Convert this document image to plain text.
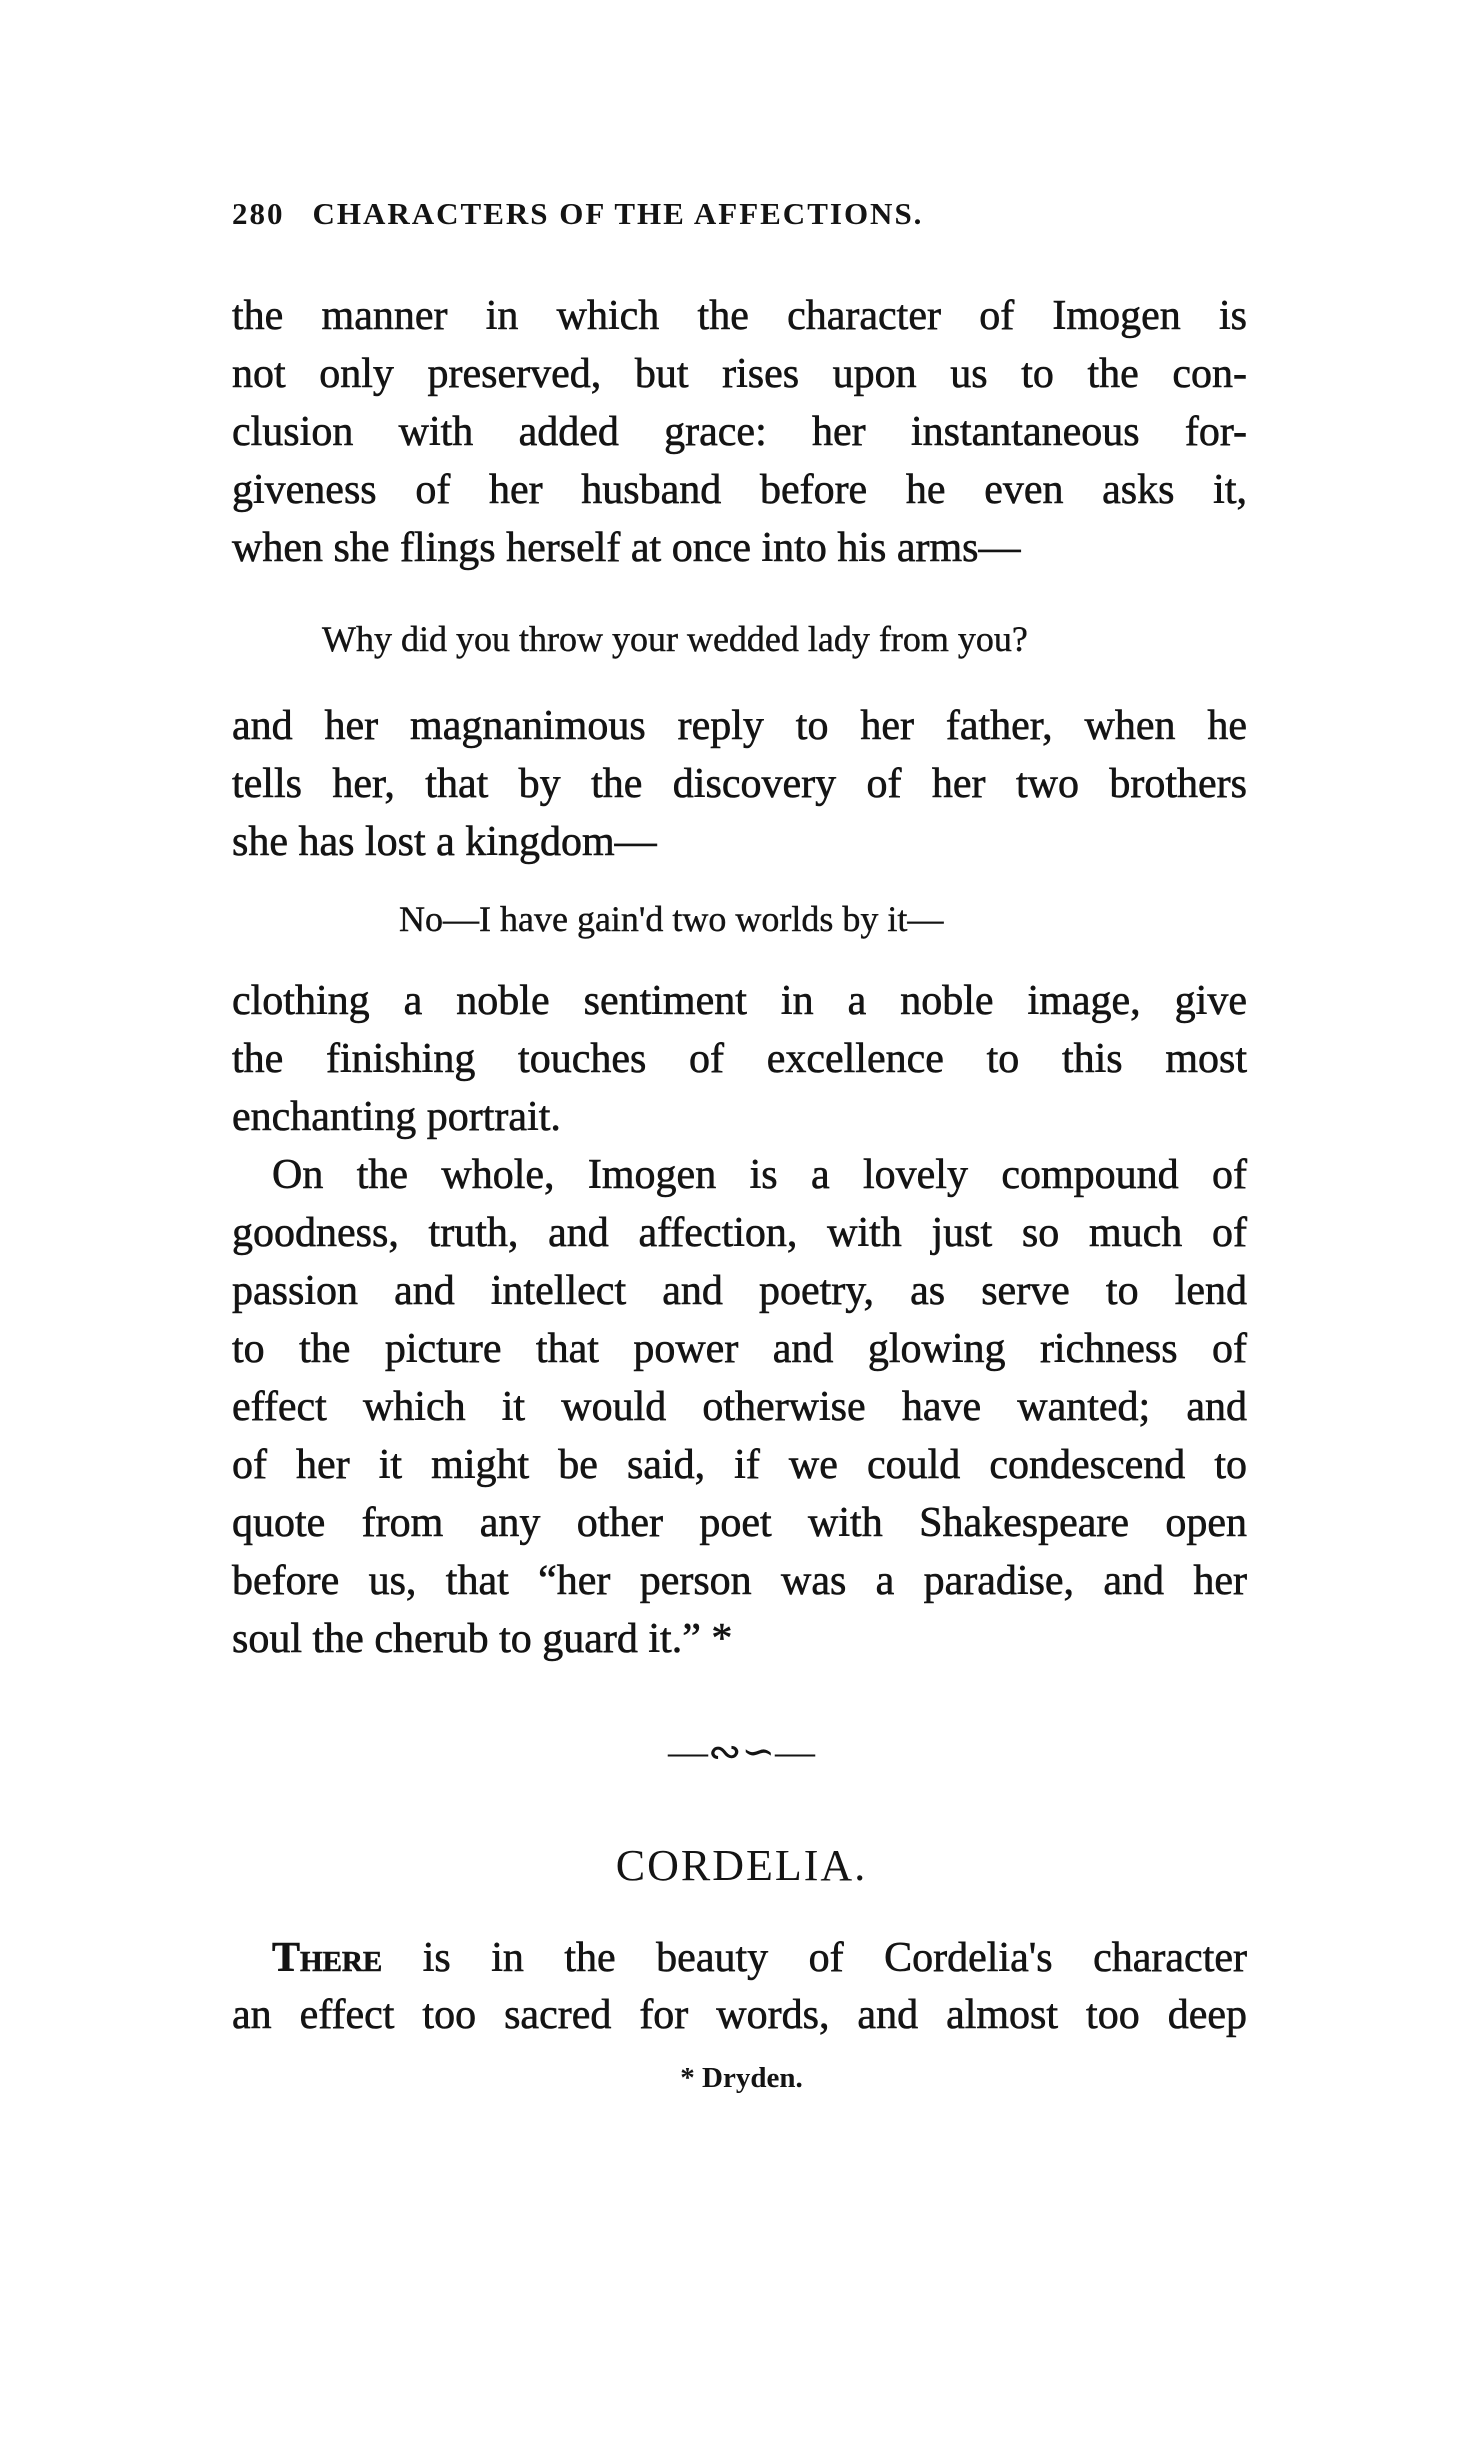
280 CHARACTERS OF THE AFFECTIONS.
the manner in which the character of Imogen is
not only preserved, but rises upon us to the con-
clusion with added grace: her instantaneous for-
giveness of her husband before he even asks it,
when she flings herself at once into his arms—
Why did you throw your wedded lady from you?
and her magnanimous reply to her father, when he
tells her, that by the discovery of her two brothers
she has lost a kingdom—
No—I have gain'd two worlds by it—
clothing a noble sentiment in a noble image, give
the finishing touches of excellence to this most
enchanting portrait.
On the whole, Imogen is a lovely compound of
goodness, truth, and affection, with just so much of
passion and intellect and poetry, as serve to lend
to the picture that power and glowing richness of
effect which it would otherwise have wanted; and
of her it might be said, if we could condescend to
quote from any other poet with Shakespeare open
before us, that “her person was a paradise, and her
soul the cherub to guard it.” *
—∾∽—
CORDELIA.
There is in the beauty of Cordelia's character
an effect too sacred for words, and almost too deep
* Dryden.
